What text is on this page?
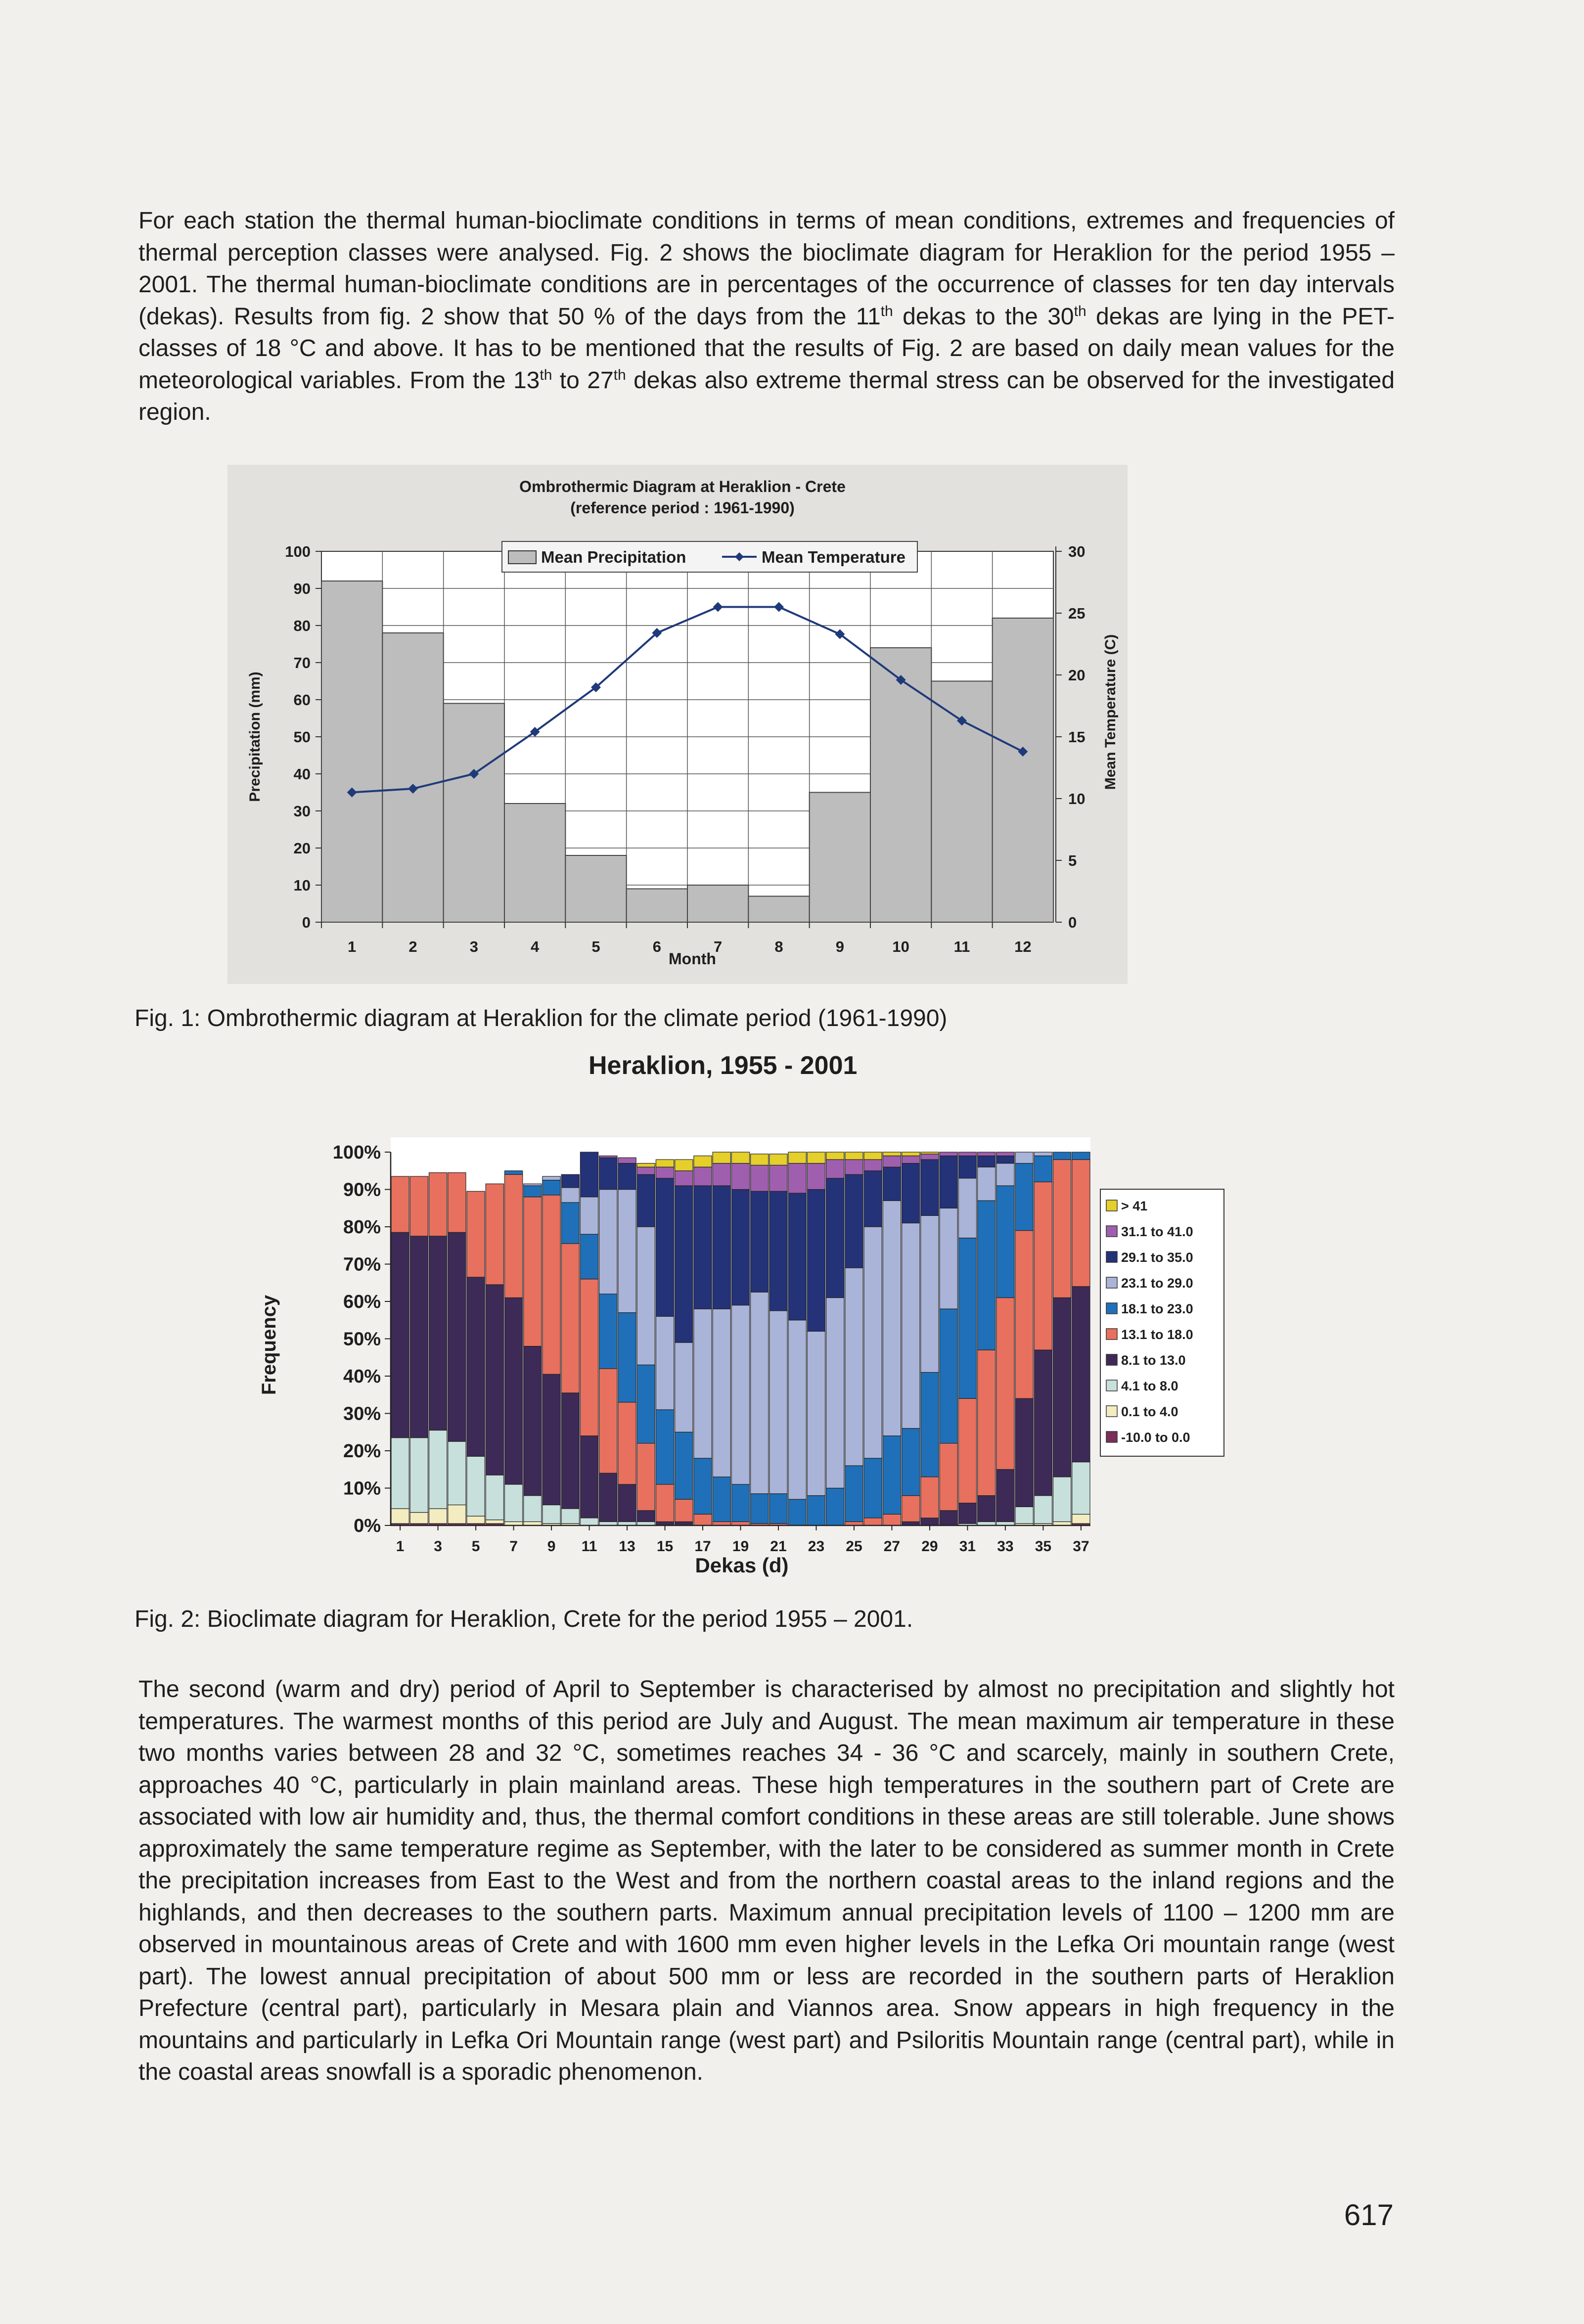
For each station the thermal human-bioclimate conditions in terms of mean conditions, extremes and frequencies of thermal perception classes were analysed. Fig. 2 shows the bioclimate diagram for Heraklion for the period 1955 – 2001. The thermal human-bioclimate conditions are in percentages of the occurrence of classes for ten day intervals (dekas). Results from fig. 2 show that 50 % of the days from the 11th dekas to the 30th dekas are lying in the PET-classes of 18 °C and above. It has to be mentioned that the results of Fig. 2 are based on daily mean values for the meteorological variables. From the 13th to 27th dekas also extreme thermal stress can be observed for the investigated region.
Ombrothermic Diagram at Heraklion - Crete
(reference period : 1961-1990)
0
10
20
30
40
50
60
70
80
90
100
0
5
10
15
20
25
30
1	2	3	4	5	6	7	8	9	10	11	12
Precipitation (mm)	Mean Temperature (C)
Month
Mean Precipitation	Mean Temperature
Fig. 1: Ombrothermic diagram at Heraklion for the climate period (1961-1990)
Heraklion, 1955 - 2001
0%
10%
20%
30%
40%
50%
60%
70%
80%
90%
100%
1 3 5 7 9 11 13 15 17 19 21 23 25 27 29 31 33 35 37
Frequency
Dekas (d)
> 41
31.1 to 41.0
29.1 to 35.0
23.1 to 29.0
18.1 to 23.0
13.1 to 18.0
8.1 to 13.0
4.1 to 8.0
0.1 to 4.0
-10.0 to 0.0
Fig. 2: Bioclimate diagram for Heraklion, Crete for the period 1955 – 2001.
The second (warm and dry) period of April to September is characterised by almost no precipitation and slightly hot temperatures. The warmest months of this period are July and August. The mean maximum air temperature in these two months varies between 28 and 32 °C, sometimes reaches 34 - 36 °C and scarcely, mainly in southern Crete, approaches 40 °C, particularly in plain mainland areas. These high temperatures in the southern part of Crete are associated with low air humidity and, thus, the thermal comfort conditions in these areas are still tolerable. June shows approximately the same temperature regime as September, with the later to be considered as summer month in Crete the precipitation increases from East to the West and from the northern coastal areas to the inland regions and the highlands, and then decreases to the southern parts. Maximum annual precipitation levels of 1100 – 1200 mm are observed in mountainous areas of Crete and with 1600 mm even higher levels in the Lefka Ori mountain range (west part). The lowest annual precipitation of about 500 mm or less are recorded in the southern parts of Heraklion Prefecture (central part), particularly in Mesara plain and Viannos area. Snow appears in high frequency in the mountains and particularly in Lefka Ori Mountain range (west part) and Psiloritis Mountain range (central part), while in the coastal areas snowfall is a sporadic phenomenon.
617
